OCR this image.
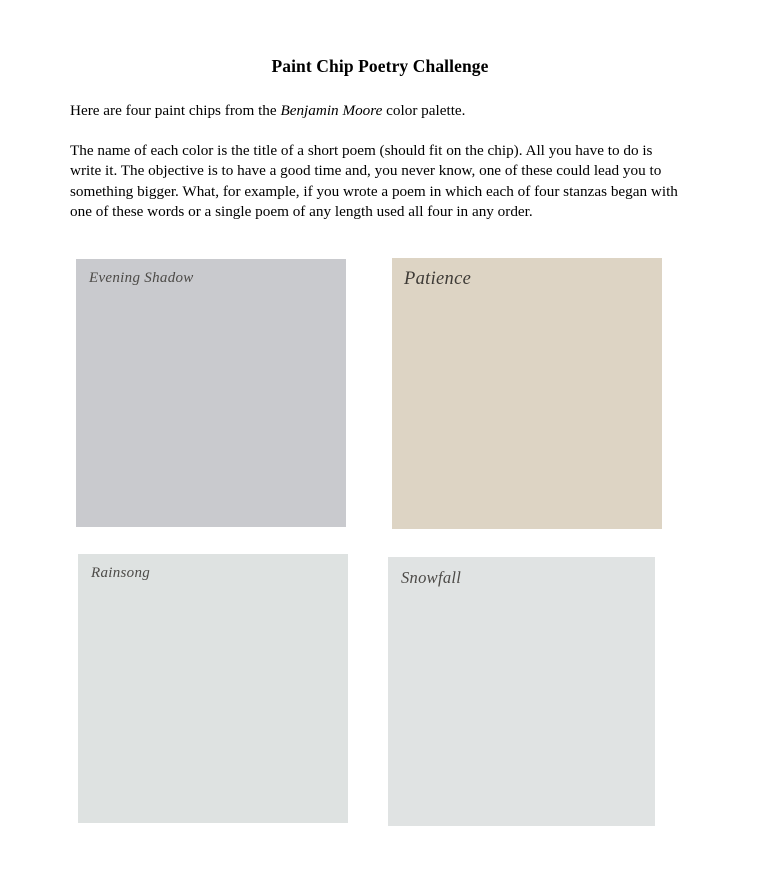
Paint Chip Poetry Challenge

Here are four paint chips from the Benjamin Moore color palette.

The name of each color is the title of a short poem (should fit on the chip). All you have to do is write it. The objective is to have a good time and, you never know, one of these could lead you to something bigger. What, for example, if you wrote a poem in which each of four stanzas began with one of these words or a single poem of any length used all four in any order.

Evening Shadow	Patience
Rainsong	Snowfall
